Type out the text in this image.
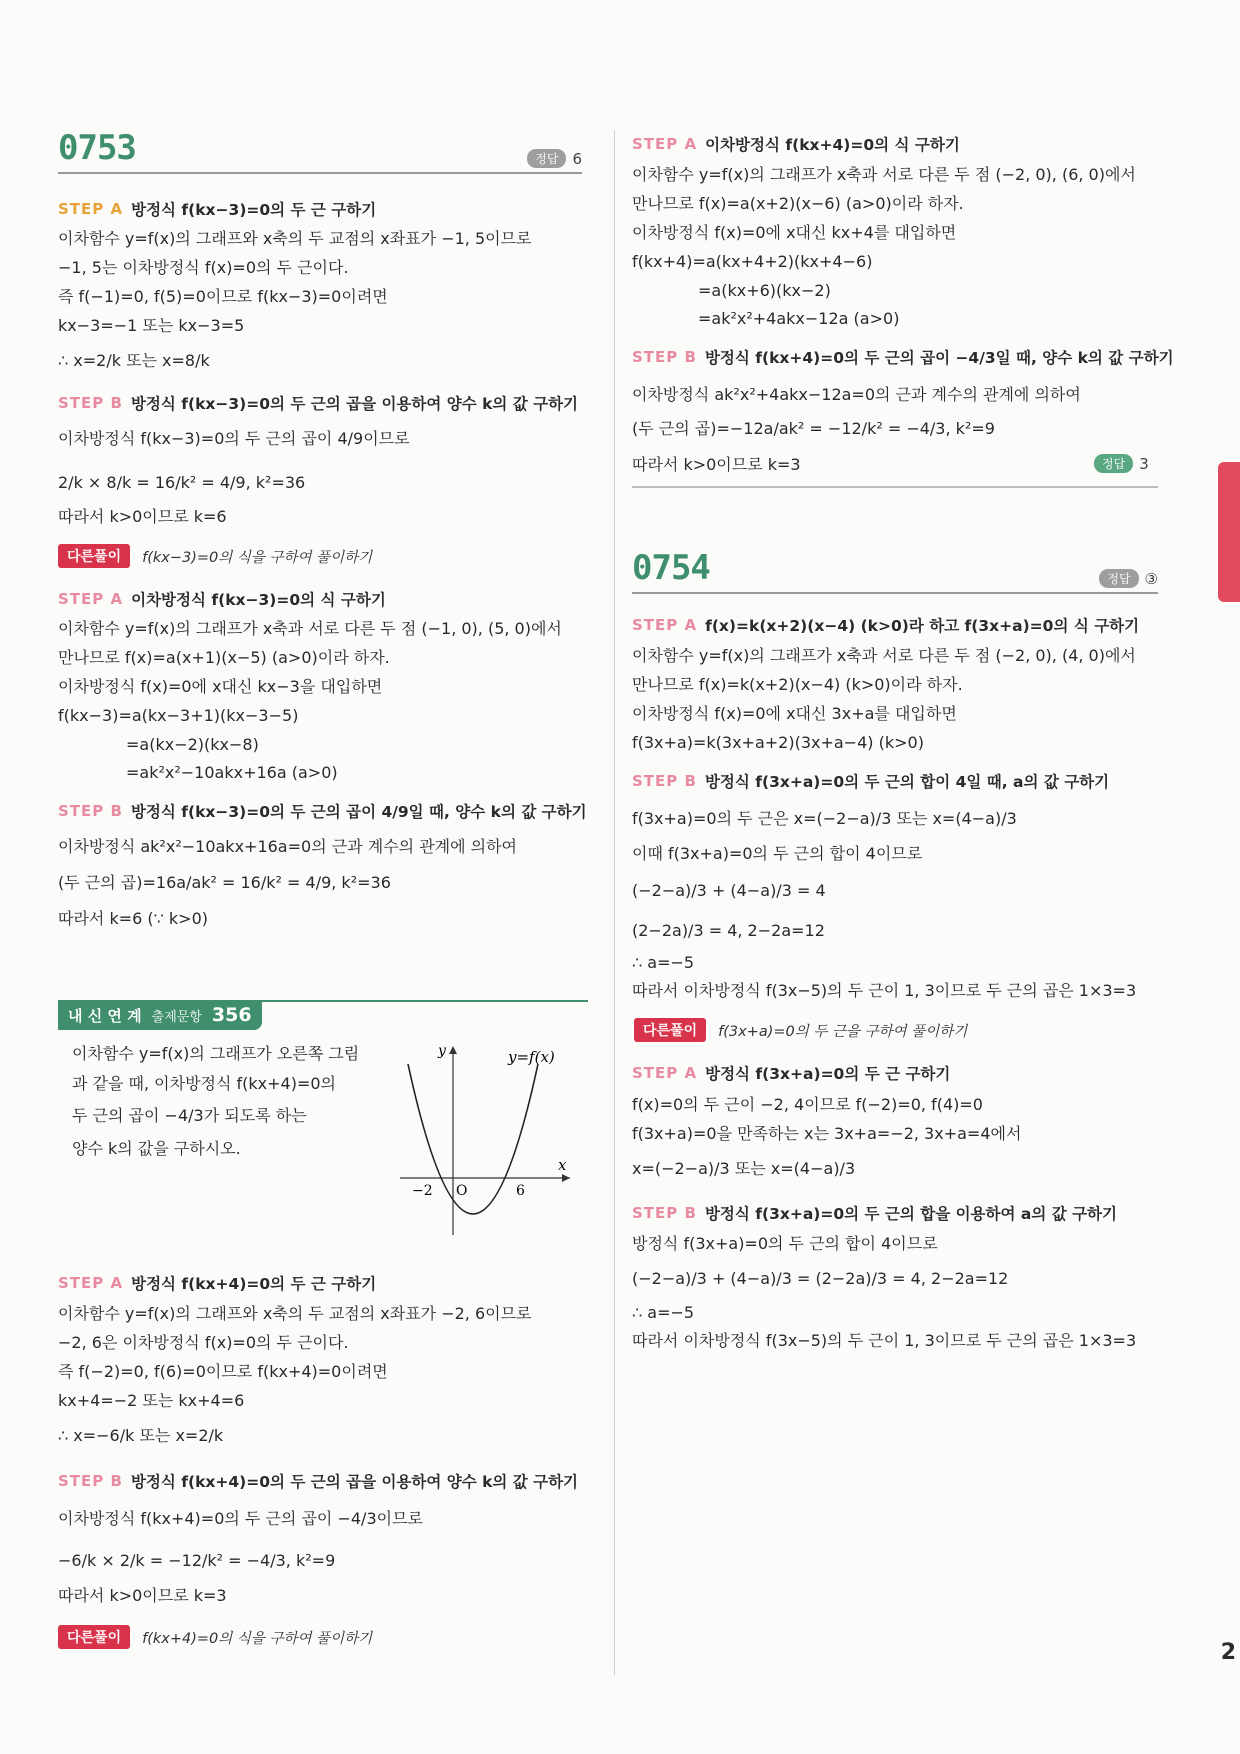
0753	정답 6
STEP A 방정식 f(kx−3)=0의 두 근 구하기
이차함수 y=f(x)의 그래프와 x축의 두 교점의 x좌표가 −1, 5이므로
−1, 5는 이차방정식 f(x)=0의 두 근이다.
즉 f(−1)=0, f(5)=0이므로 f(kx−3)=0이려면
kx−3=−1 또는 kx−3=5
∴ x=2/k 또는 x=8/k
STEP B 방정식 f(kx−3)=0의 두 근의 곱을 이용하여 양수 k의 값 구하기
이차방정식 f(kx−3)=0의 두 근의 곱이 4/9이므로
2/k × 8/k = 16/k² = 4/9, k²=36
따라서 k>0이므로 k=6
다른풀이	f(kx−3)=0의 식을 구하여 풀이하기
STEP A 이차방정식 f(kx−3)=0의 식 구하기
이차함수 y=f(x)의 그래프가 x축과 서로 다른 두 점 (−1, 0), (5, 0)에서
만나므로 f(x)=a(x+1)(x−5) (a>0)이라 하자.
이차방정식 f(x)=0에 x대신 kx−3을 대입하면
f(kx−3)=a(kx−3+1)(kx−3−5)
=a(kx−2)(kx−8)
=ak²x²−10akx+16a (a>0)
STEP B 방정식 f(kx−3)=0의 두 근의 곱이 4/9일 때, 양수 k의 값 구하기
이차방정식 ak²x²−10akx+16a=0의 근과 계수의 관계에 의하여
(두 근의 곱)=16a/ak² = 16/k² = 4/9, k²=36
따라서 k=6 (∵ k>0)
내 신 연 계 출제문항 356
이차함수 y=f(x)의 그래프가 오른쪽 그림
과 같을 때, 이차방정식 f(kx+4)=0의
두 근의 곱이 −4/3가 되도록 하는
양수 k의 값을 구하시오.
y
x
y=f(x)
O
−2	6
STEP A 방정식 f(kx+4)=0의 두 근 구하기
이차함수 y=f(x)의 그래프와 x축의 두 교점의 x좌표가 −2, 6이므로
−2, 6은 이차방정식 f(x)=0의 두 근이다.
즉 f(−2)=0, f(6)=0이므로 f(kx+4)=0이려면
kx+4=−2 또는 kx+4=6
∴ x=−6/k 또는 x=2/k
STEP B 방정식 f(kx+4)=0의 두 근의 곱을 이용하여 양수 k의 값 구하기
이차방정식 f(kx+4)=0의 두 근의 곱이 −4/3이므로
−6/k × 2/k = −12/k² = −4/3, k²=9
따라서 k>0이므로 k=3
다른풀이	f(kx+4)=0의 식을 구하여 풀이하기
STEP A 이차방정식 f(kx+4)=0의 식 구하기
이차함수 y=f(x)의 그래프가 x축과 서로 다른 두 점 (−2, 0), (6, 0)에서
만나므로 f(x)=a(x+2)(x−6) (a>0)이라 하자.
이차방정식 f(x)=0에 x대신 kx+4를 대입하면
f(kx+4)=a(kx+4+2)(kx+4−6)
=a(kx+6)(kx−2)
=ak²x²+4akx−12a (a>0)
STEP B 방정식 f(kx+4)=0의 두 근의 곱이 −4/3일 때, 양수 k의 값 구하기
이차방정식 ak²x²+4akx−12a=0의 근과 계수의 관계에 의하여
(두 근의 곱)=−12a/ak² = −12/k² = −4/3, k²=9
따라서 k>0이므로 k=3	정답 3
0754	정답 ③
STEP A f(x)=k(x+2)(x−4) (k>0)라 하고 f(3x+a)=0의 식 구하기
이차함수 y=f(x)의 그래프가 x축과 서로 다른 두 점 (−2, 0), (4, 0)에서
만나므로 f(x)=k(x+2)(x−4) (k>0)이라 하자.
이차방정식 f(x)=0에 x대신 3x+a를 대입하면
f(3x+a)=k(3x+a+2)(3x+a−4) (k>0)
STEP B 방정식 f(3x+a)=0의 두 근의 합이 4일 때, a의 값 구하기
f(3x+a)=0의 두 근은 x=(−2−a)/3 또는 x=(4−a)/3
이때 f(3x+a)=0의 두 근의 합이 4이므로
(−2−a)/3 + (4−a)/3 = 4
(2−2a)/3 = 4, 2−2a=12
∴ a=−5
따라서 이차방정식 f(3x−5)의 두 근이 1, 3이므로 두 근의 곱은 1×3=3
다른풀이	f(3x+a)=0의 두 근을 구하여 풀이하기
STEP A 방정식 f(3x+a)=0의 두 근 구하기
f(x)=0의 두 근이 −2, 4이므로 f(−2)=0, f(4)=0
f(3x+a)=0을 만족하는 x는 3x+a=−2, 3x+a=4에서
x=(−2−a)/3 또는 x=(4−a)/3
STEP B 방정식 f(3x+a)=0의 두 근의 합을 이용하여 a의 값 구하기
방정식 f(3x+a)=0의 두 근의 합이 4이므로
(−2−a)/3 + (4−a)/3 = (2−2a)/3 = 4, 2−2a=12
∴ a=−5
따라서 이차방정식 f(3x−5)의 두 근이 1, 3이므로 두 근의 곱은 1×3=3
2
